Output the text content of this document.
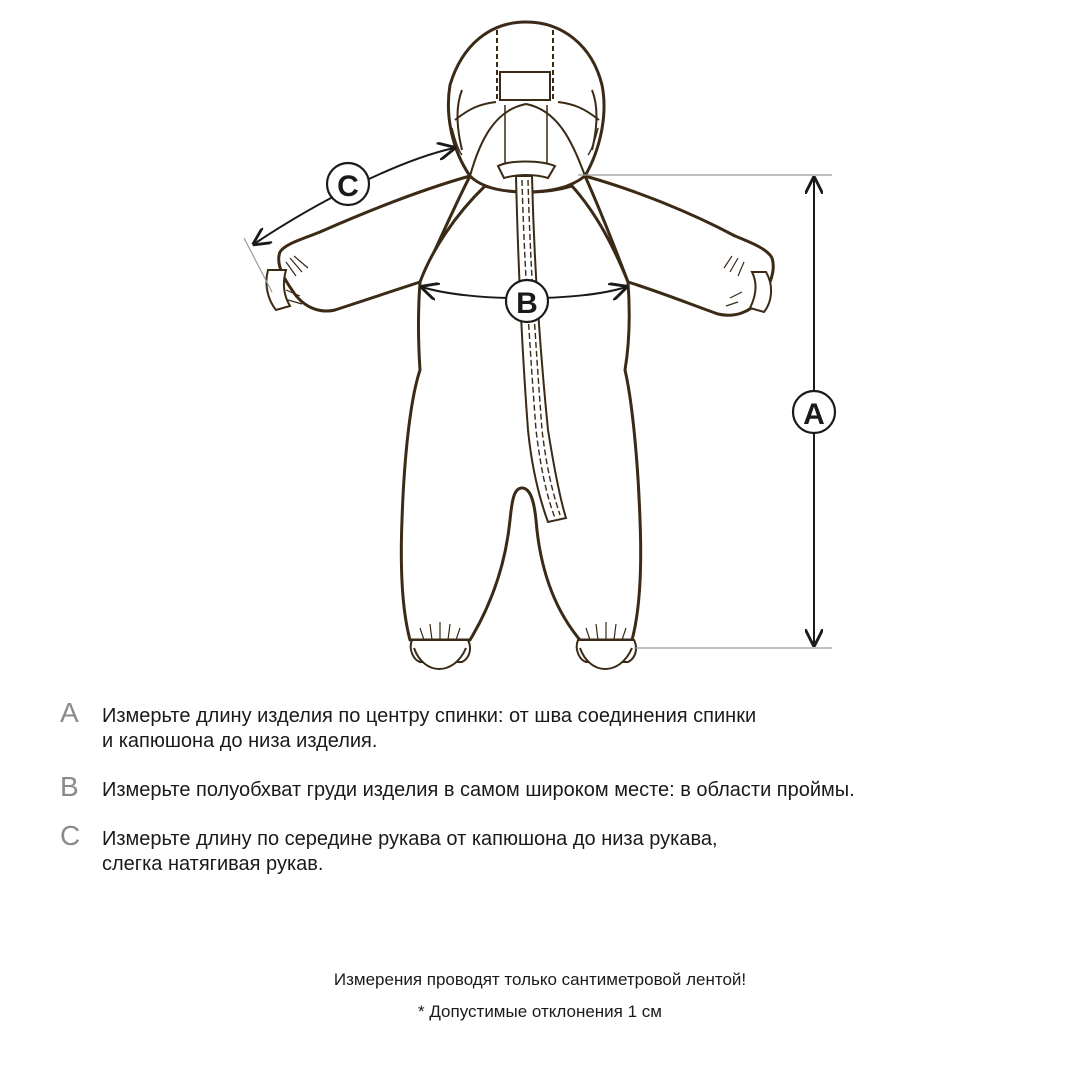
A
B
C
A	Измерьте длину изделия по центру спинки: от шва соединения спинки
и капюшона до низа изделия.
B	Измерьте полуобхват груди изделия в самом широком месте: в области проймы.
C	Измерьте длину по середине рукава от капюшона до низа рукава,
слегка натягивая рукав.
Измерения проводят только сантиметровой лентой!
* Допустимые отклонения 1 см
